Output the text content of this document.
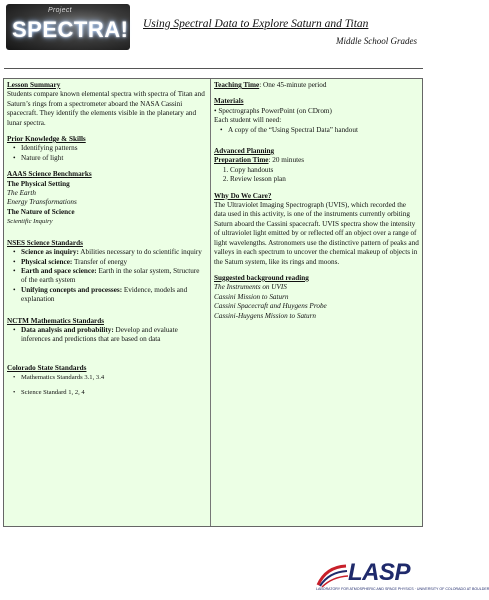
Project
SPECTRA! Using Spectral Data to Explore Saturn and Titan
Middle School Grades
Lesson Summary
Students compare known elemental spectra with spectra of Titan and Saturn’s rings from a spectrometer aboard the NASA Cassini spacecraft. They identify the elements visible in the planetary and lunar spectra.
Prior Knowledge & Skills
• Identifying patterns
• Nature of light
AAAS Science Benchmarks
The Physical Setting
The Earth
Energy Transformations
The Nature of Science
Scientific Inquiry
NSES Science Standards
• Science as inquiry: Abilities necessary to do scientific inquiry
• Physical science: Transfer of energy
• Earth and space science: Earth in the solar system, Structure of the earth system
• Unifying concepts and processes: Evidence, models and explanation
NCTM Mathematics Standards
• Data analysis and probability: Develop and evaluate inferences and predictions that are based on data
Colorado State Standards
• Mathematics Standards 3.1, 3.4
• Science Standard 1, 2, 4
Teaching Time: One 45-minute period
Materials
• Spectrographs PowerPoint (on CDrom)
Each student will need:
• A copy of the “Using Spectral Data” handout
Advanced Planning
Preparation Time: 20 minutes
1. Copy handouts
2. Review lesson plan
Why Do We Care?
The Ultraviolet Imaging Spectrograph (UVIS), which recorded the data used in this activity, is one of the instruments currently orbiting Saturn aboard the Cassini spacecraft. UVIS spectra show the intensity of ultraviolet light emitted by or reflected off an object over a range of light wavelengths. Astronomers use the distinctive pattern of peaks and valleys in each spectrum to uncover the chemical makeup of objects in the Saturn system, like its rings and moons.
Suggested background reading
The Instruments on UVIS
Cassini Mission to Saturn
Cassini Spacecraft and Huygens Probe
Cassini-Huygens Mission to Saturn
LASP
LABORATORY FOR ATMOSPHERIC AND SPACE PHYSICS · UNIVERSITY OF COLORADO AT BOULDER
